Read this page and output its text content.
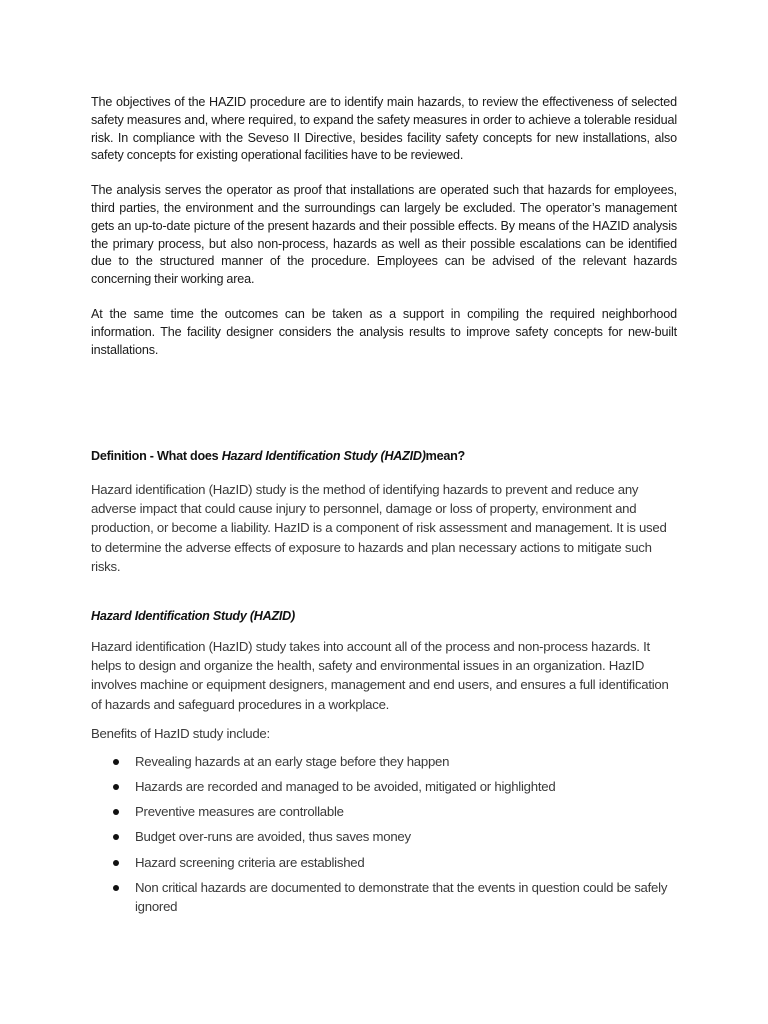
The objectives of the HAZID procedure are to identify main hazards, to review the effectiveness of selected safety measures and, where required, to expand the safety measures in order to achieve a tolerable residual risk. In compliance with the Seveso II Directive, besides facility safety concepts for new installations, also safety concepts for existing operational facilities have to be reviewed.

The analysis serves the operator as proof that installations are operated such that hazards for employees, third parties, the environment and the surroundings can largely be excluded. The operator’s management gets an up-to-date picture of the present hazards and their possible effects. By means of the HAZID analysis the primary process, but also non-process, hazards as well as their possible escalations can be identified due to the structured manner of the procedure. Employees can be advised of the relevant hazards concerning their working area.

At the same time the outcomes can be taken as a support in compiling the required neighborhood information. The facility designer considers the analysis results to improve safety concepts for new-built installations.

Definition - What does Hazard Identification Study (HAZID)mean?

Hazard identification (HazID) study is the method of identifying hazards to prevent and reduce any adverse impact that could cause injury to personnel, damage or loss of property, environment and production, or become a liability. HazID is a component of risk assessment and management. It is used to determine the adverse effects of exposure to hazards and plan necessary actions to mitigate such risks.

Hazard Identification Study (HAZID)

Hazard identification (HazID) study takes into account all of the process and non-process hazards. It helps to design and organize the health, safety and environmental issues in an organization. HazID involves machine or equipment designers, management and end users, and ensures a full identification of hazards and safeguard procedures in a workplace.

Benefits of HazID study include:

Revealing hazards at an early stage before they happen
Hazards are recorded and managed to be avoided, mitigated or highlighted
Preventive measures are controllable
Budget over-runs are avoided, thus saves money
Hazard screening criteria are established
Non critical hazards are documented to demonstrate that the events in question could be safely ignored
